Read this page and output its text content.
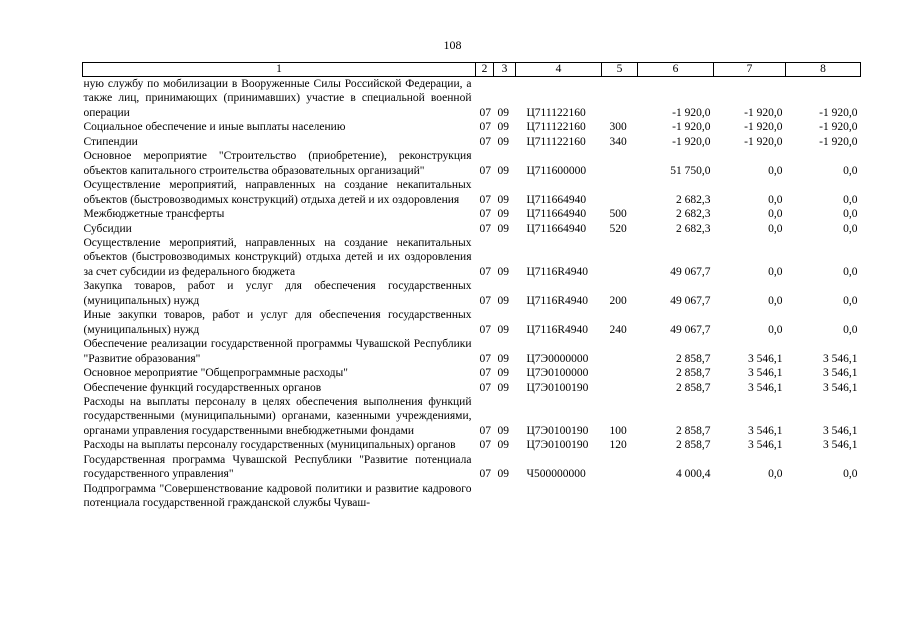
108
1	2	3	4	5	6	7	8
ную службу по мобилизации в Вооруженные Силы Российской Федерации, а также лиц, принимающих (принимавших) участие в специальной военной операции	07	09	Ц711122160		-1 920,0	-1 920,0	-1 920,0
Социальное обеспечение и иные выплаты населению	07	09	Ц711122160	300	-1 920,0	-1 920,0	-1 920,0
Стипендии	07	09	Ц711122160	340	-1 920,0	-1 920,0	-1 920,0
Основное мероприятие "Строительство (приобретение), реконструкция объектов капитального строительства образовательных организаций"	07	09	Ц711600000		51 750,0	0,0	0,0
Осуществление мероприятий, направленных на создание некапитальных объектов (быстровозводимых конструкций) отдыха детей и их оздоровления	07	09	Ц711664940		2 682,3	0,0	0,0
Межбюджетные трансферты	07	09	Ц711664940	500	2 682,3	0,0	0,0
Субсидии	07	09	Ц711664940	520	2 682,3	0,0	0,0
Осуществление мероприятий, направленных на создание некапитальных объектов (быстровозводимых конструкций) отдыха детей и их оздоровления за счет субсидии из федерального бюджета	07	09	Ц7116R4940		49 067,7	0,0	0,0
Закупка товаров, работ и услуг для обеспечения государственных (муниципальных) нужд	07	09	Ц7116R4940	200	49 067,7	0,0	0,0
Иные закупки товаров, работ и услуг для обеспечения государственных (муниципальных) нужд	07	09	Ц7116R4940	240	49 067,7	0,0	0,0
Обеспечение реализации государственной программы Чувашской Республики "Развитие образования"	07	09	Ц7Э0000000		2 858,7	3 546,1	3 546,1
Основное мероприятие "Общепрограммные расходы"	07	09	Ц7Э0100000		2 858,7	3 546,1	3 546,1
Обеспечение функций государственных органов	07	09	Ц7Э0100190		2 858,7	3 546,1	3 546,1
Расходы на выплаты персоналу в целях обеспечения выполнения функций государственными (муниципальными) органами, казенными учреждениями, органами управления государственными внебюджетными фондами	07	09	Ц7Э0100190	100	2 858,7	3 546,1	3 546,1
Расходы на выплаты персоналу государственных (муниципальных) органов	07	09	Ц7Э0100190	120	2 858,7	3 546,1	3 546,1
Государственная программа Чувашской Республики "Развитие потенциала государственного управления"	07	09	Ч500000000		4 000,4	0,0	0,0
Подпрограмма "Совершенствование кадровой политики и развитие кадрового потенциала государственной гражданской службы Чуваш-							
